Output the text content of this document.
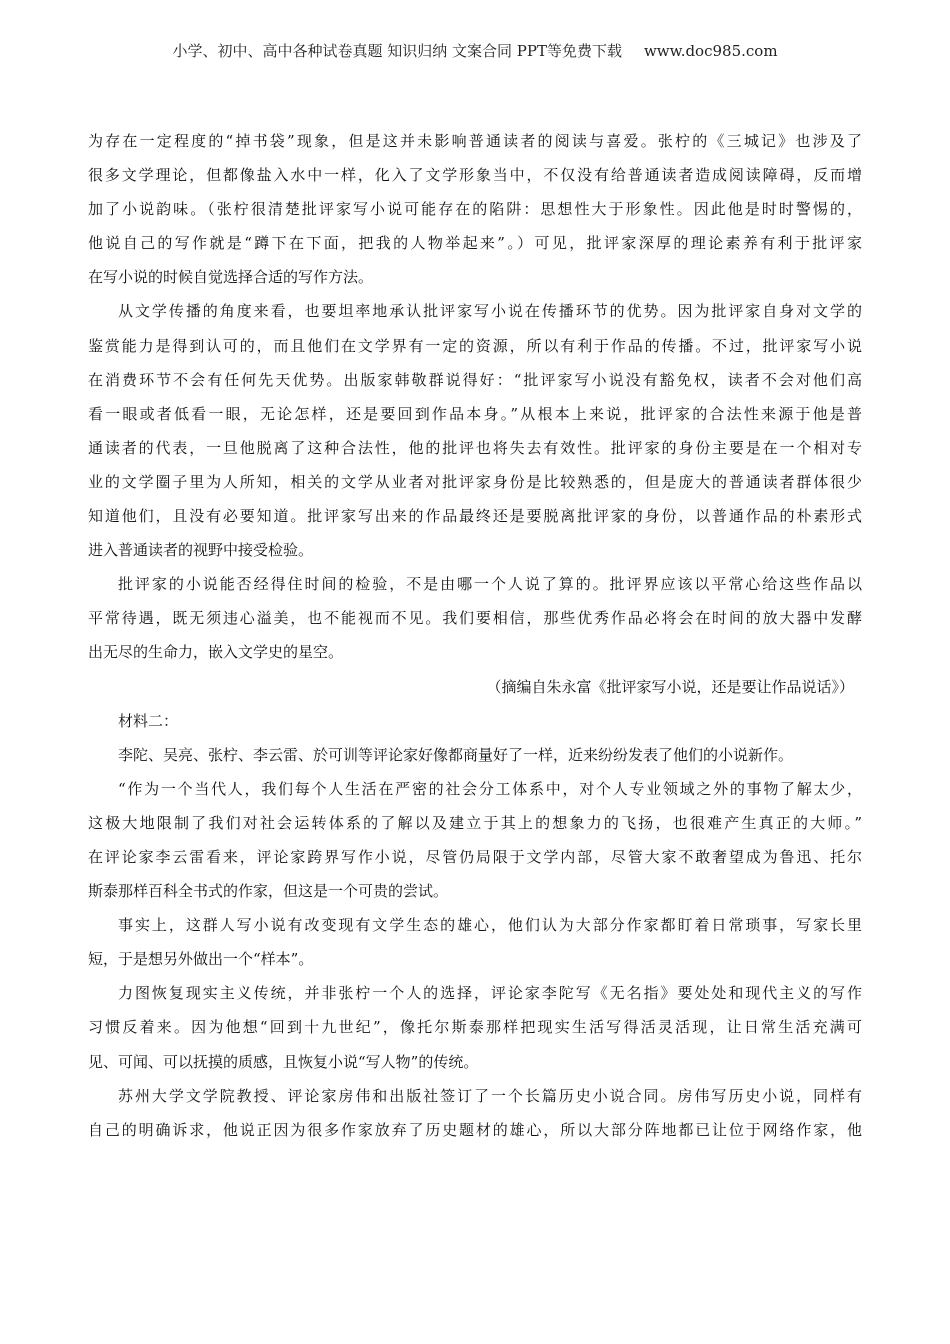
小学、初中、高中各种试卷真题 知识归纳 文案合同 PPT等免费下载 www.doc985.com
为存在一定程度的“掉书袋”现象，但是这并未影响普通读者的阅读与喜爱。张柠的《三城记》也涉及了
很多文学理论，但都像盐入水中一样，化入了文学形象当中，不仅没有给普通读者造成阅读障碍，反而增
加了小说韵味。（张柠很清楚批评家写小说可能存在的陷阱：思想性大于形象性。因此他是时时警惕的，
他说自己的写作就是“蹲下在下面，把我的人物举起来”。）可见，批评家深厚的理论素养有利于批评家
在写小说的时候自觉选择合适的写作方法。
从文学传播的角度来看，也要坦率地承认批评家写小说在传播环节的优势。因为批评家自身对文学的
鉴赏能力是得到认可的，而且他们在文学界有一定的资源，所以有利于作品的传播。不过，批评家写小说
在消费环节不会有任何先天优势。出版家韩敬群说得好：“批评家写小说没有豁免权，读者不会对他们高
看一眼或者低看一眼，无论怎样，还是要回到作品本身。”从根本上来说，批评家的合法性来源于他是普
通读者的代表，一旦他脱离了这种合法性，他的批评也将失去有效性。批评家的身份主要是在一个相对专
业的文学圈子里为人所知，相关的文学从业者对批评家身份是比较熟悉的，但是庞大的普通读者群体很少
知道他们，且没有必要知道。批评家写出来的作品最终还是要脱离批评家的身份，以普通作品的朴素形式
进入普通读者的视野中接受检验。
批评家的小说能否经得住时间的检验，不是由哪一个人说了算的。批评界应该以平常心给这些作品以
平常待遇，既无须违心溢美，也不能视而不见。我们要相信，那些优秀作品必将会在时间的放大器中发酵
出无尽的生命力，嵌入文学史的星空。
（摘编自朱永富《批评家写小说，还是要让作品说话》）
材料二：
李陀、吴亮、张柠、李云雷、於可训等评论家好像都商量好了一样，近来纷纷发表了他们的小说新作。
“作为一个当代人，我们每个人生活在严密的社会分工体系中，对个人专业领域之外的事物了解太少，
这极大地限制了我们对社会运转体系的了解以及建立于其上的想象力的飞扬，也很难产生真正的大师。”
在评论家李云雷看来，评论家跨界写作小说，尽管仍局限于文学内部，尽管大家不敢奢望成为鲁迅、托尔
斯泰那样百科全书式的作家，但这是一个可贵的尝试。
事实上，这群人写小说有改变现有文学生态的雄心，他们认为大部分作家都盯着日常琐事，写家长里
短，于是想另外做出一个“样本”。
力图恢复现实主义传统，并非张柠一个人的选择，评论家李陀写《无名指》要处处和现代主义的写作
习惯反着来。因为他想“回到十九世纪”，像托尔斯泰那样把现实生活写得活灵活现，让日常生活充满可
见、可闻、可以抚摸的质感，且恢复小说“写人物”的传统。
苏州大学文学院教授、评论家房伟和出版社签订了一个长篇历史小说合同。房伟写历史小说，同样有
自己的明确诉求，他说正因为很多作家放弃了历史题材的雄心，所以大部分阵地都已让位于网络作家，他
